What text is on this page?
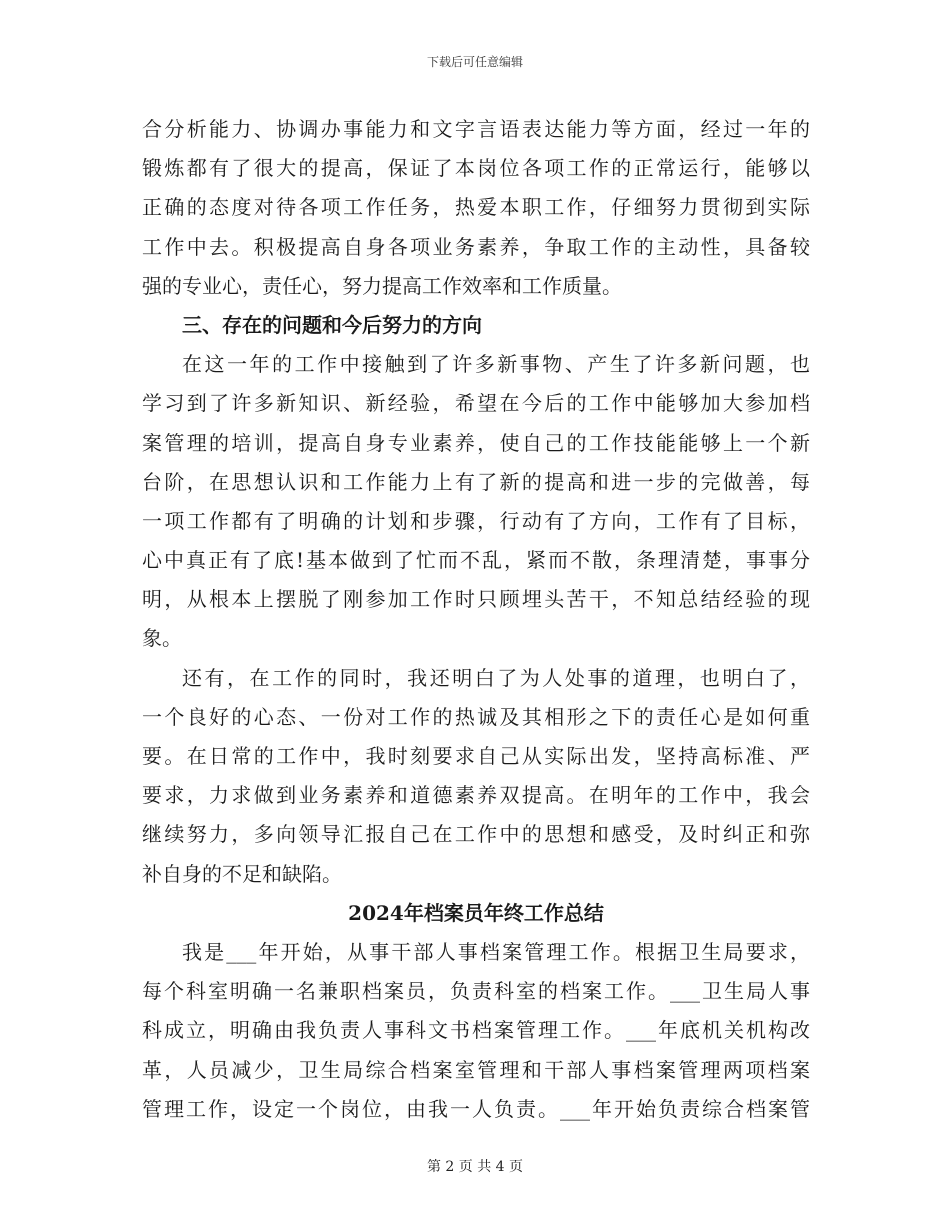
下载后可任意编辑
合分析能力、协调办事能力和文字言语表达能力等方面，经过一年的
锻炼都有了很大的提高，保证了本岗位各项工作的正常运行，能够以
正确的态度对待各项工作任务，热爱本职工作，仔细努力贯彻到实际
工作中去。积极提高自身各项业务素养，争取工作的主动性，具备较
强的专业心，责任心，努力提高工作效率和工作质量。
三、存在的问题和今后努力的方向
在这一年的工作中接触到了许多新事物、产生了许多新问题，也
学习到了许多新知识、新经验，希望在今后的工作中能够加大参加档
案管理的培训，提高自身专业素养，使自己的工作技能能够上一个新
台阶，在思想认识和工作能力上有了新的提高和进一步的完做善，每
一项工作都有了明确的计划和步骤，行动有了方向，工作有了目标，
心中真正有了底!基本做到了忙而不乱，紧而不散，条理清楚，事事分
明，从根本上摆脱了刚参加工作时只顾埋头苦干，不知总结经验的现
象。
还有，在工作的同时，我还明白了为人处事的道理，也明白了，
一个良好的心态、一份对工作的热诚及其相形之下的责任心是如何重
要。在日常的工作中，我时刻要求自己从实际出发，坚持高标准、严
要求，力求做到业务素养和道德素养双提高。在明年的工作中，我会
继续努力，多向领导汇报自己在工作中的思想和感受，及时纠正和弥
补自身的不足和缺陷。
2024年档案员年终工作总结
我是___年开始，从事干部人事档案管理工作。根据卫生局要求，
每个科室明确一名兼职档案员，负责科室的档案工作。___卫生局人事
科成立，明确由我负责人事科文书档案管理工作。___年底机关机构改
革，人员减少，卫生局综合档案室管理和干部人事档案管理两项档案
管理工作，设定一个岗位，由我一人负责。___年开始负责综合档案管
第 2 页 共 4 页
